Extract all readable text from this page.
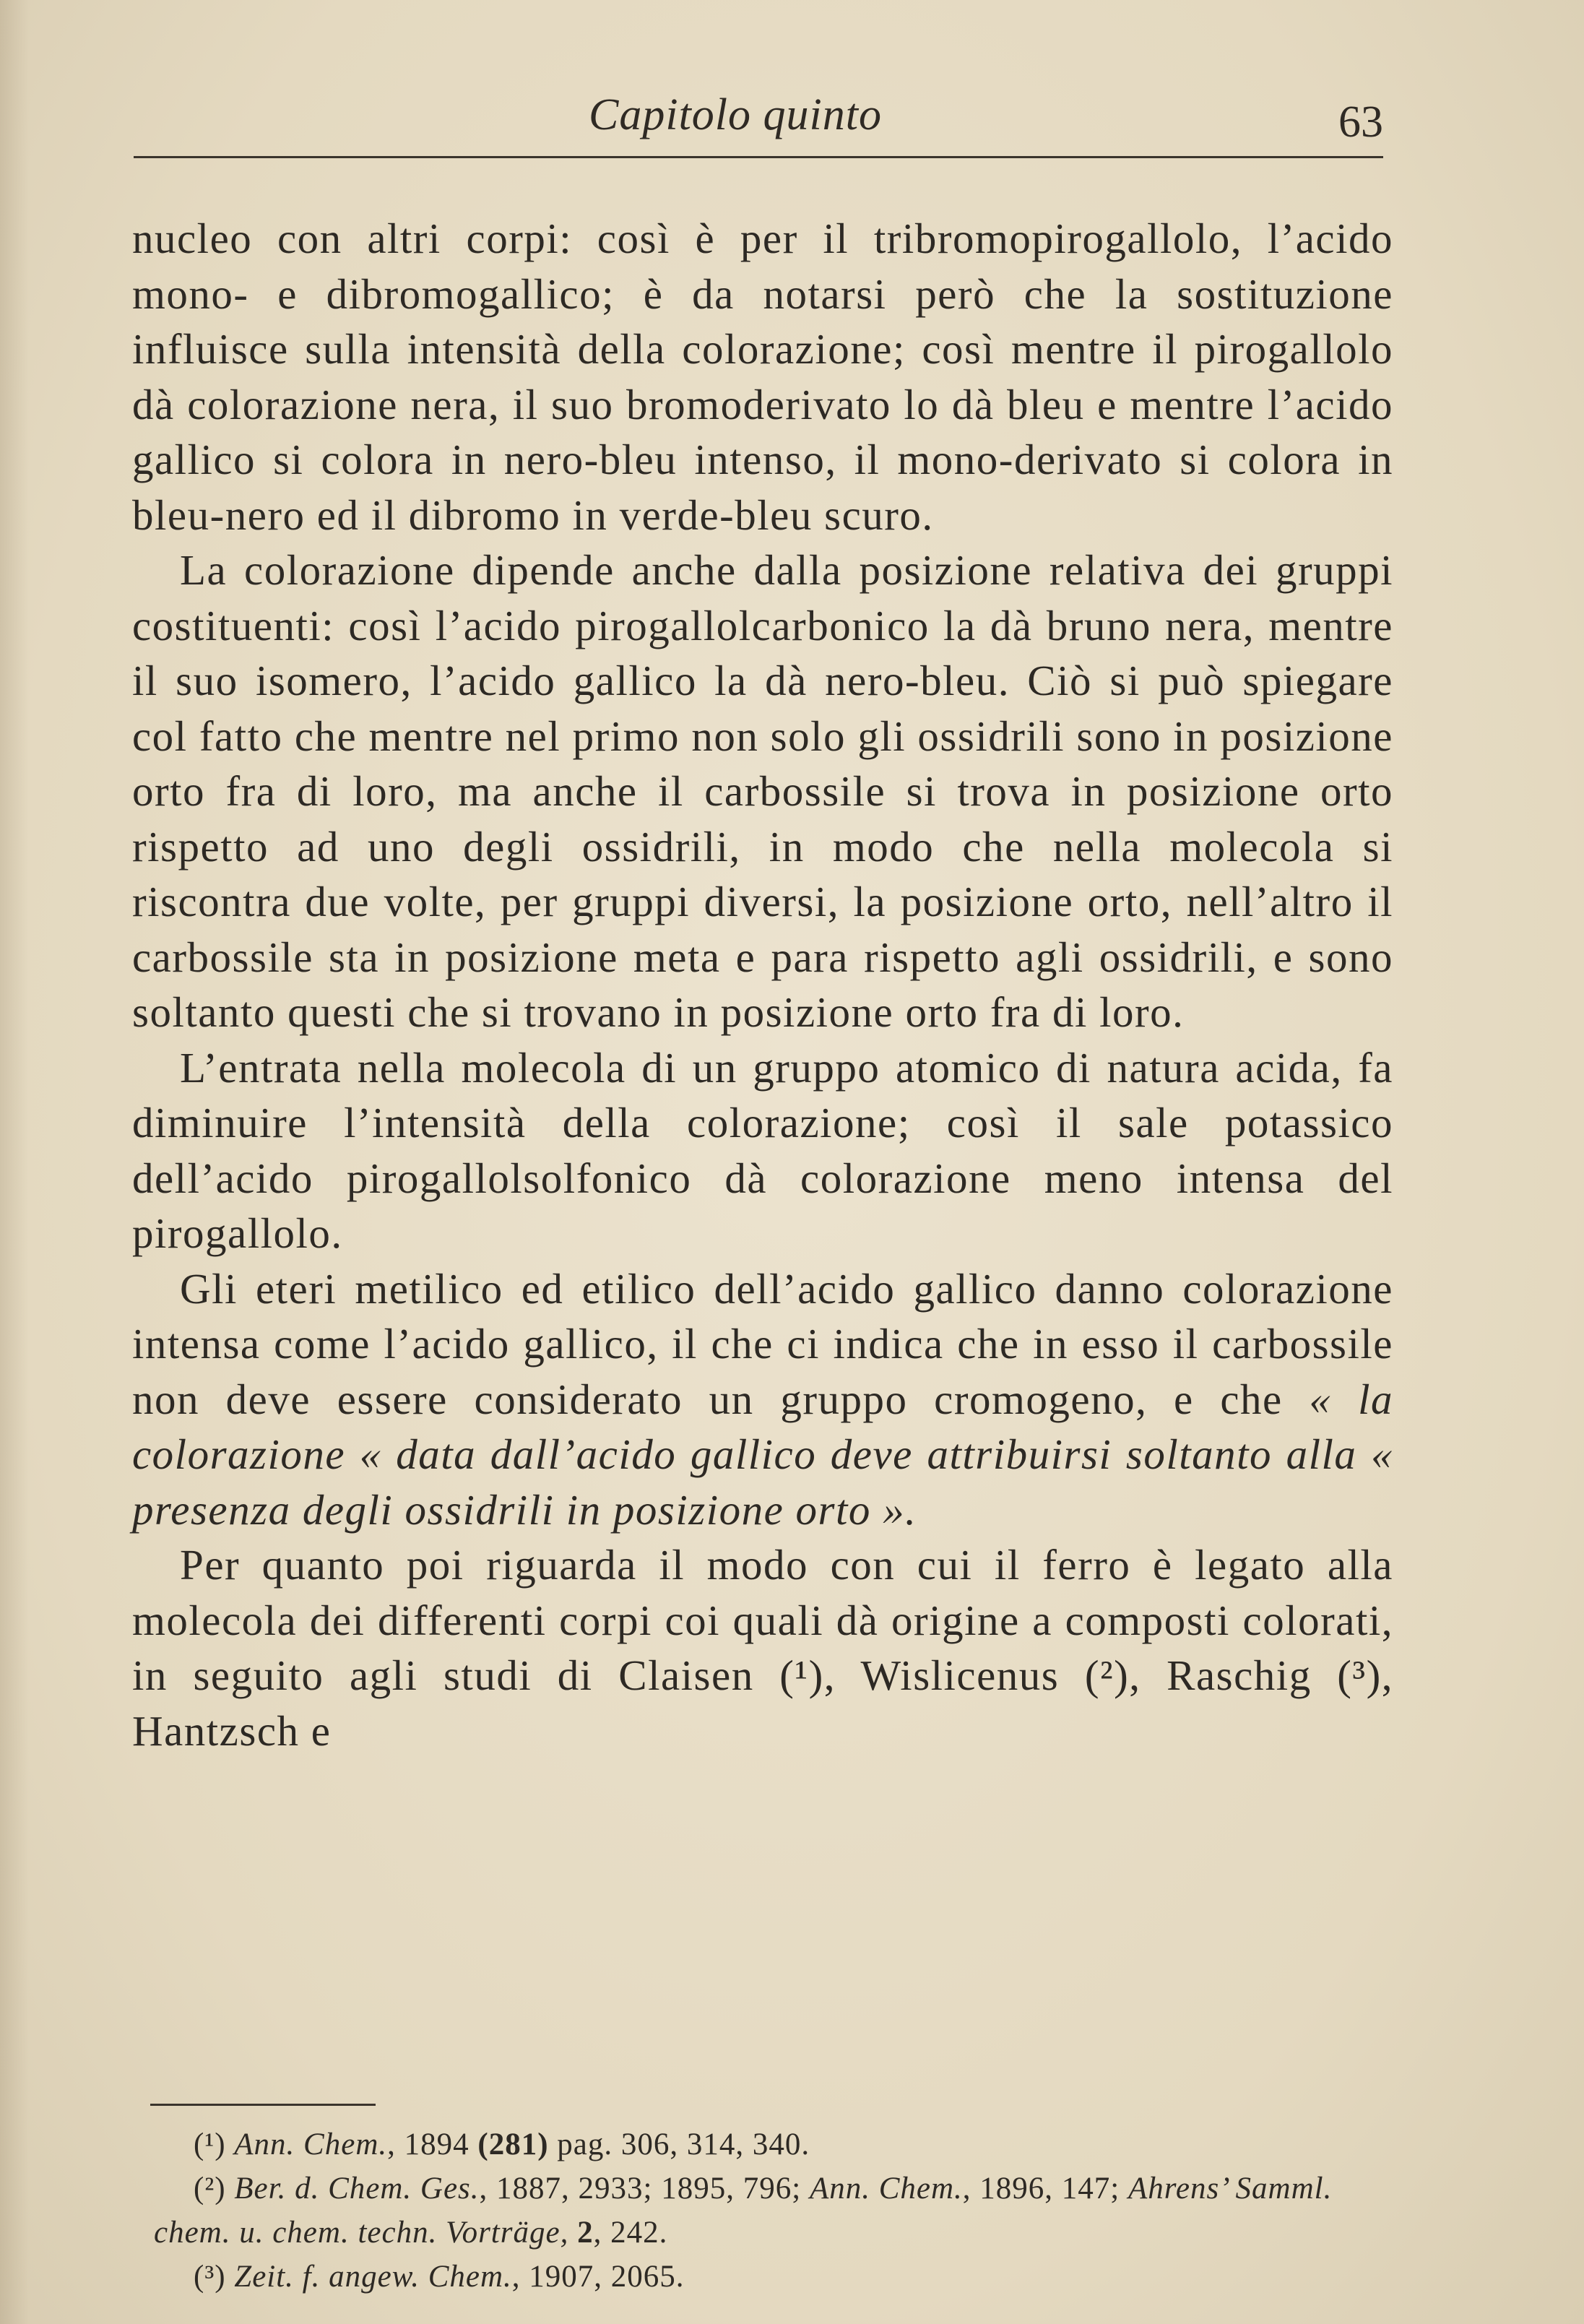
Capitolo quinto	63

nucleo con altri corpi: così è per il tribromopirogallolo, l’acido mono- e dibromogallico; è da notarsi però che la sostituzione influisce sulla intensità della colorazione; così mentre il pirogallolo dà colorazione nera, il suo bromoderivato lo dà bleu e mentre l’acido gallico si colora in nero-bleu intenso, il mono-derivato si colora in bleu-nero ed il dibromo in verde-bleu scuro.

La colorazione dipende anche dalla posizione relativa dei gruppi costituenti: così l’acido pirogallolcarbonico la dà bruno nera, mentre il suo isomero, l’acido gallico la dà nero-bleu. Ciò si può spiegare col fatto che mentre nel primo non solo gli ossidrili sono in posizione orto fra di loro, ma anche il carbossile si trova in posizione orto rispetto ad uno degli ossidrili, in modo che nella molecola si riscontra due volte, per gruppi diversi, la posizione orto, nell’altro il carbossile sta in posizione meta e para rispetto agli ossidrili, e sono soltanto questi che si trovano in posizione orto fra di loro.

L’entrata nella molecola di un gruppo atomico di natura acida, fa diminuire l’intensità della colorazione; così il sale potassico dell’acido pirogallolsolfonico dà colorazione meno intensa del pirogallolo.

Gli eteri metilico ed etilico dell’acido gallico danno colorazione intensa come l’acido gallico, il che ci indica che in esso il carbossile non deve essere considerato un gruppo cromogeno, e che « la colorazione « data dall’acido gallico deve attribuirsi soltanto alla « presenza degli ossidrili in posizione orto ».

Per quanto poi riguarda il modo con cui il ferro è legato alla molecola dei differenti corpi coi quali dà origine a composti colorati, in seguito agli studi di Claisen (¹), Wislicenus (²), Raschig (³), Hantzsch e

(¹) Ann. Chem., 1894 (281) pag. 306, 314, 340.

(²) Ber. d. Chem. Ges., 1887, 2933; 1895, 796; Ann. Chem., 1896, 147; Ahrens’ Samml. chem. u. chem. techn. Vorträge, 2, 242.

(³) Zeit. f. angew. Chem., 1907, 2065.
